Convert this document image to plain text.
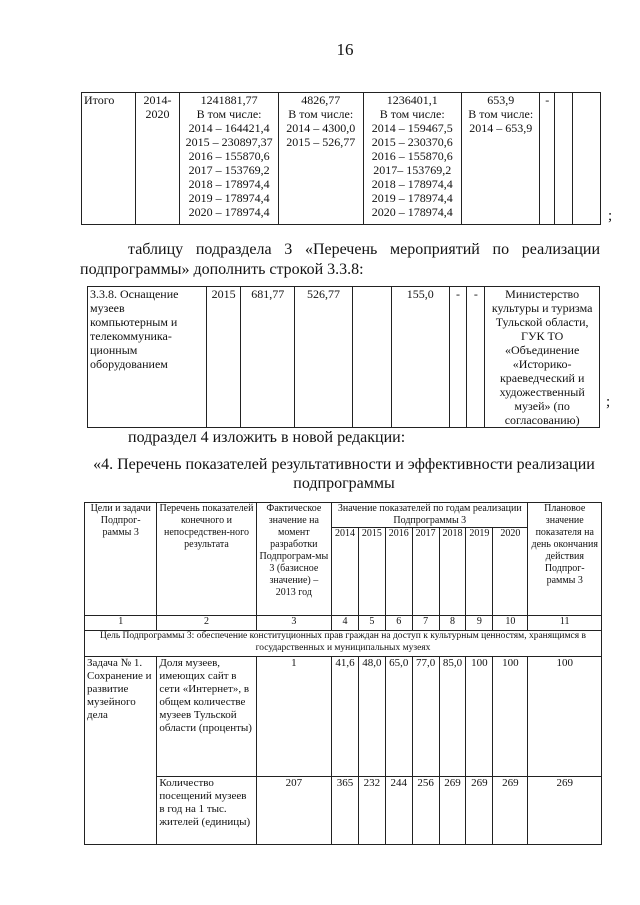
16
Итого	2014-
2020	1241881,77
В том числе:
2014 – 164421,4
2015 – 230897,37
2016 – 155870,6
2017 – 153769,2
2018 – 178974,4
2019 – 178974,4
2020 – 178974,4	4826,77
В том числе:
2014 – 4300,0
2015 – 526,77	1236401,1
В том числе:
2014 – 159467,5
2015 – 230370,6
2016 – 155870,6
2017– 153769,2
2018 – 178974,4
2019 – 178974,4
2020 – 178974,4	653,9
В том числе:
2014 – 653,9	-		
;
таблицу подраздела 3 «Перечень мероприятий по реализации подпрограммы» дополнить строкой 3.3.8:
3.3.8. Оснащение музеев компьютерным и телекоммуника-ционным оборудованием	2015	681,77	526,77		155,0	-	-	Министерство культуры и туризма Тульской области, ГУК ТО «Объединение «Историко-краеведческий и художественный музей» (по согласованию)
;
подраздел 4 изложить в новой редакции:
«4. Перечень показателей результативности и эффективности реализации
подпрограммы
Цели и задачи Подпрог-раммы 3	Перечень показателей конечного и непосредствен-ного результата	Фактическое значение на момент разработки Подпрограм-мы 3 (базисное значение) – 2013 год	Значение показателей по годам реализации Подпрограммы 3							Плановое значение показателя на день окончания действия Подпрог-раммы 3
			2014	2015	2016	2017	2018	2019	2020	
1	2	3	4	5	6	7	8	9	10	11
Цель Подпрограммы 3: обеспечение конституционных прав граждан на доступ к культурным ценностям, хранящимся в государственных и муниципальных музеях										
Задача № 1. Сохранение и развитие музейного дела	Доля музеев, имеющих сайт в сети «Интернет», в общем количестве музеев Тульской области (проценты)	1	41,6	48,0	65,0	77,0	85,0	100	100	100
	Количество посещений музеев в год на 1 тыс. жителей (единицы)	207	365	232	244	256	269	269	269	269
